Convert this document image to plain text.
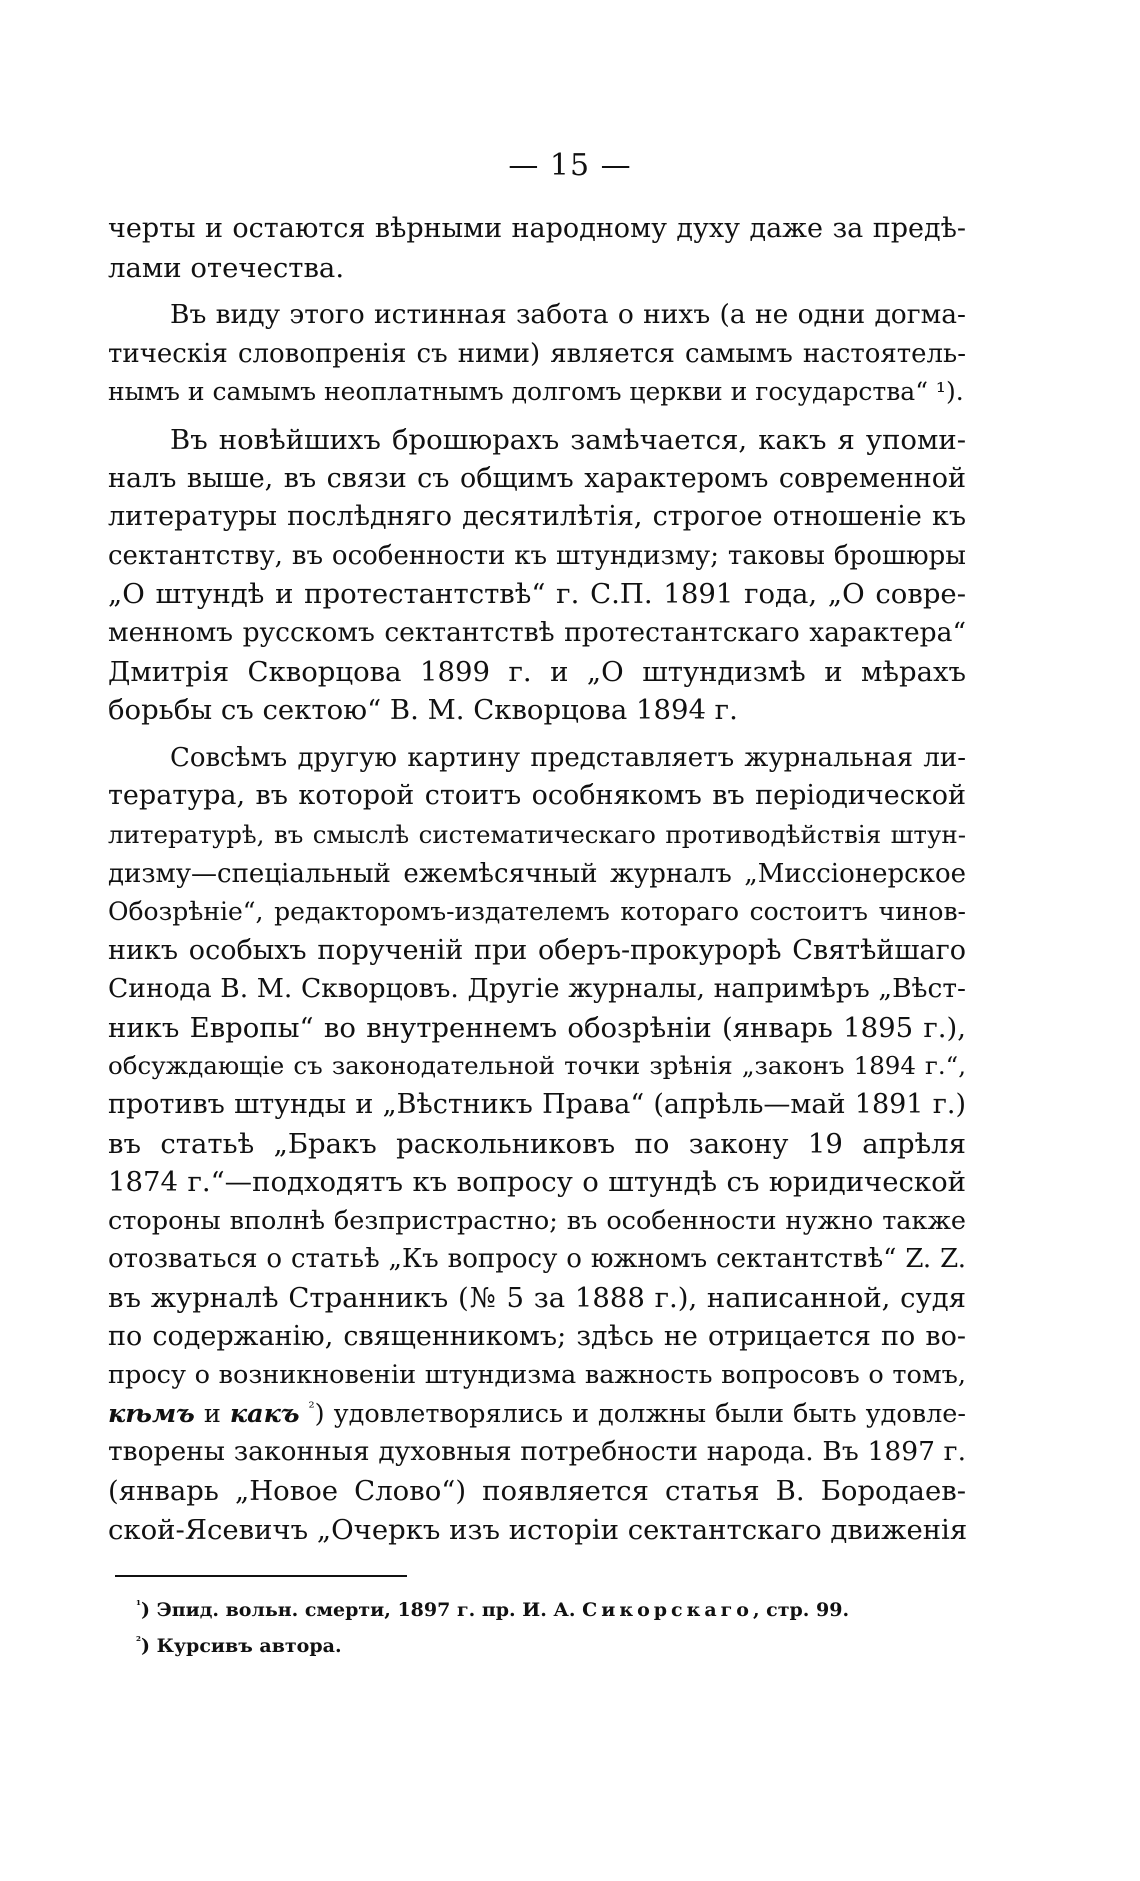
— 15 —
черты и остаются вѣрными народному духу даже за предѣ-
лами отечества.
Въ виду этого истинная забота о нихъ (а не одни догма-
тическія словопренія съ ними) является самымъ настоятель-
нымъ и самымъ неоплатнымъ долгомъ церкви и государства“ ¹).
Въ новѣйшихъ брошюрахъ замѣчается, какъ я упоми-
налъ выше, въ связи съ общимъ характеромъ современной
литературы послѣдняго десятилѣтія, строгое отношеніе къ
сектантству, въ особенности къ штундизму; таковы брошюры
„О штундѣ и протестантствѣ“ г. С.П. 1891 года, „О совре-
менномъ русскомъ сектантствѣ протестантскаго характера“
Дмитрія Скворцова 1899 г. и „О штундизмѣ и мѣрахъ
борьбы съ сектою“ В. М. Скворцова 1894 г.
Совсѣмъ другую картину представляетъ журнальная ли-
тература, въ которой стоитъ особнякомъ въ періодической
литературѣ, въ смыслѣ систематическаго противодѣйствія штун-
дизму—спеціальный ежемѣсячный журналъ „Миссіонерское
Обозрѣніе“, редакторомъ-издателемъ котораго состоитъ чинов-
никъ особыхъ порученій при оберъ-прокурорѣ Святѣйшаго
Синода В. М. Скворцовъ. Другіе журналы, напримѣръ „Вѣст-
никъ Европы“ во внутреннемъ обозрѣніи (январь 1895 г.),
обсуждающіе съ законодательной точки зрѣнія „законъ 1894 г.“,
противъ штунды и „Вѣстникъ Права“ (апрѣль—май 1891 г.)
въ статьѣ „Бракъ раскольниковъ по закону 19 апрѣля
1874 г.“—подходятъ къ вопросу о штундѣ съ юридической
стороны вполнѣ безпристрастно; въ особенности нужно также
отозваться о статьѣ „Къ вопросу о южномъ сектантствѣ“ Z. Z.
въ журналѣ Странникъ (№ 5 за 1888 г.), написанной, судя
по содержанію, священникомъ; здѣсь не отрицается по во-
просу о возникновеніи штундизма важность вопросовъ о томъ,
кѣмъ и какъ $^{^2}$) удовлетворялись и должны были быть удовле-
творены законныя духовныя потребности народа. Въ 1897 г.
(январь „Новое Слово“) появляется статья В. Бородаев-
ской-Ясевичъ „Очеркъ изъ исторіи сектантскаго движенія
$^{^1}$) Эпид. вольн. смерти, 1897 г. пр. И. А. Сикорскаго, стр. 99.
$^{^2}$) Курсивъ автора.
